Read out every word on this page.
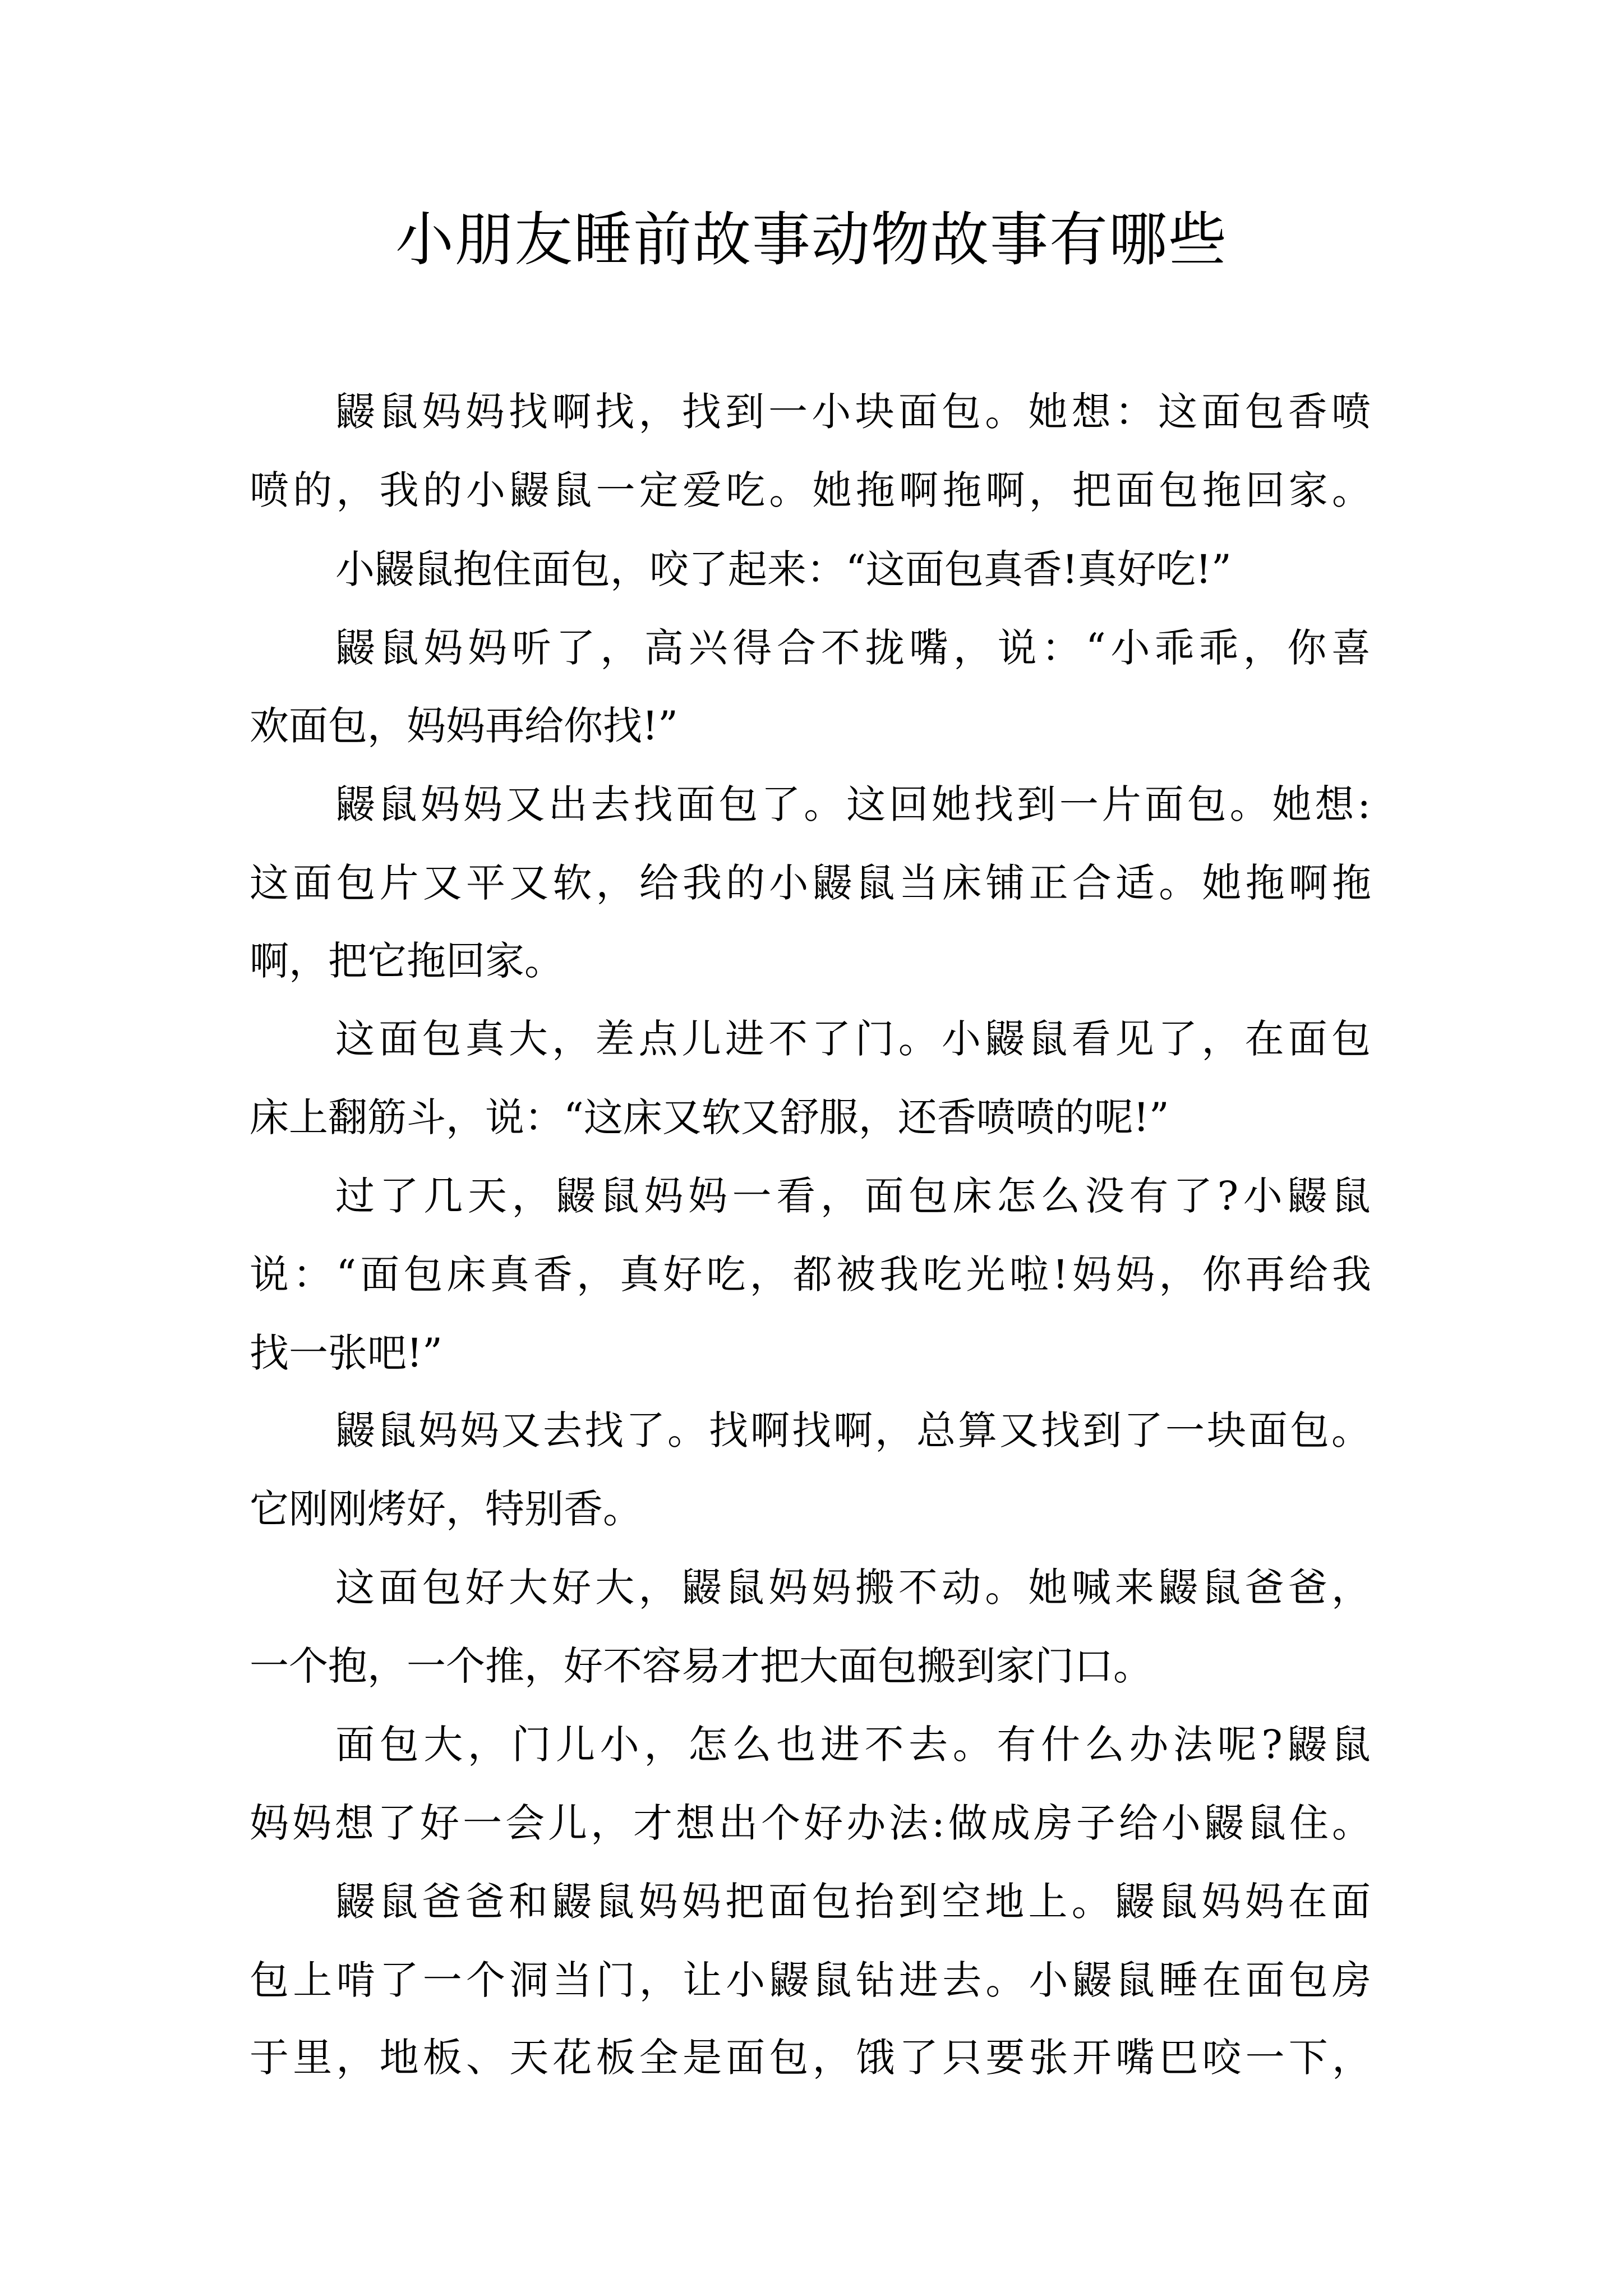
小朋友睡前故事动物故事有哪些

鼹鼠妈妈找啊找，找到一小块面包。她想：这面包香喷

喷的，我的小鼹鼠一定爱吃。她拖啊拖啊，把面包拖回家。

小鼹鼠抱住面包，咬了起来：“这面包真香!真好吃!”

鼹鼠妈妈听了，高兴得合不拢嘴，说：“小乖乖，你喜

欢面包，妈妈再给你找!”

鼹鼠妈妈又出去找面包了。这回她找到一片面包。她想:

这面包片又平又软，给我的小鼹鼠当床铺正合适。她拖啊拖

啊，把它拖回家。

这面包真大，差点儿进不了门。小鼹鼠看见了，在面包

床上翻筋斗，说：“这床又软又舒服，还香喷喷的呢!”

过了几天，鼹鼠妈妈一看，面包床怎么没有了?小鼹鼠

说：“面包床真香，真好吃，都被我吃光啦!妈妈，你再给我

找一张吧!”

鼹鼠妈妈又去找了。找啊找啊，总算又找到了一块面包。

它刚刚烤好，特别香。

这面包好大好大，鼹鼠妈妈搬不动。她喊来鼹鼠爸爸，

一个抱，一个推，好不容易才把大面包搬到家门口。

面包大，门儿小，怎么也进不去。有什么办法呢?鼹鼠

妈妈想了好一会儿，才想出个好办法:做成房子给小鼹鼠住。

鼹鼠爸爸和鼹鼠妈妈把面包抬到空地上。鼹鼠妈妈在面

包上啃了一个洞当门，让小鼹鼠钻进去。小鼹鼠睡在面包房

于里，地板、天花板全是面包，饿了只要张开嘴巴咬一下，
